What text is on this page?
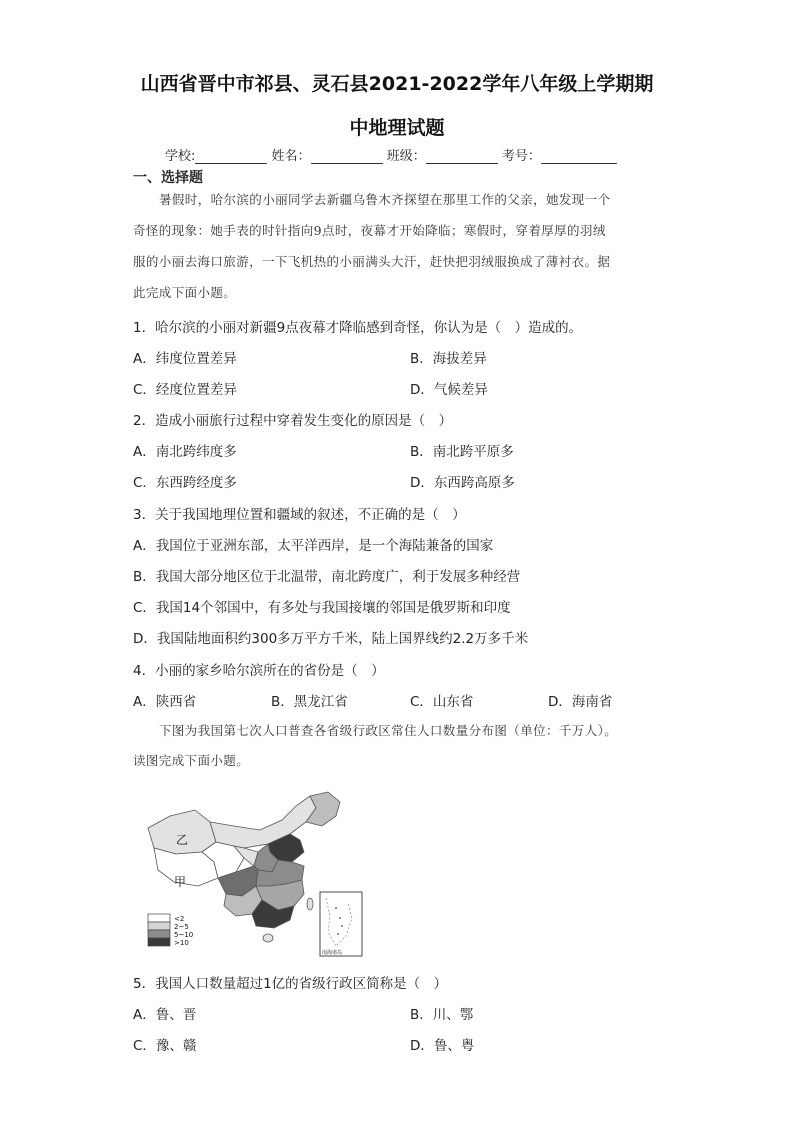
山西省晋中市祁县、灵石县2021-2022学年八年级上学期期
中地理试题
学校:	姓名：	班级：	考号：
一、选择题
暑假时，哈尔滨的小丽同学去新疆乌鲁木齐探望在那里工作的父亲，她发现一个
奇怪的现象：她手表的时针指向9点时，夜幕才开始降临；寒假时，穿着厚厚的羽绒
服的小丽去海口旅游，一下飞机热的小丽满头大汗，赶快把羽绒服换成了薄衬衣。据
此完成下面小题。
1．哈尔滨的小丽对新疆9点夜幕才降临感到奇怪，你认为是（　）造成的。
A．纬度位置差异	B．海拔差异
C．经度位置差异	D．气候差异
2．造成小丽旅行过程中穿着发生变化的原因是（　）
A．南北跨纬度多	B．南北跨平原多
C．东西跨经度多	D．东西跨高原多
3．关于我国地理位置和疆域的叙述，不正确的是（　）
A．我国位于亚洲东部，太平洋西岸，是一个海陆兼备的国家
B．我国大部分地区位于北温带，南北跨度广，利于发展多种经营
C．我国14个邻国中，有多处与我国接壤的邻国是俄罗斯和印度
D．我国陆地面积约300多万平方千米，陆上国界线约2.2万多千米
4．小丽的家乡哈尔滨所在的省份是（　）
A．陕西省	B．黑龙江省	C．山东省	D．海南省
下图为我国第七次人口普查各省级行政区常住人口数量分布图（单位：千万人）。
读图完成下面小题。
乙
甲
<2
2~5
5~10
>10
南海诸岛
5．我国人口数量超过1亿的省级行政区简称是（　）
A．鲁、晋	B．川、鄂
C．豫、赣	D．鲁、粤
